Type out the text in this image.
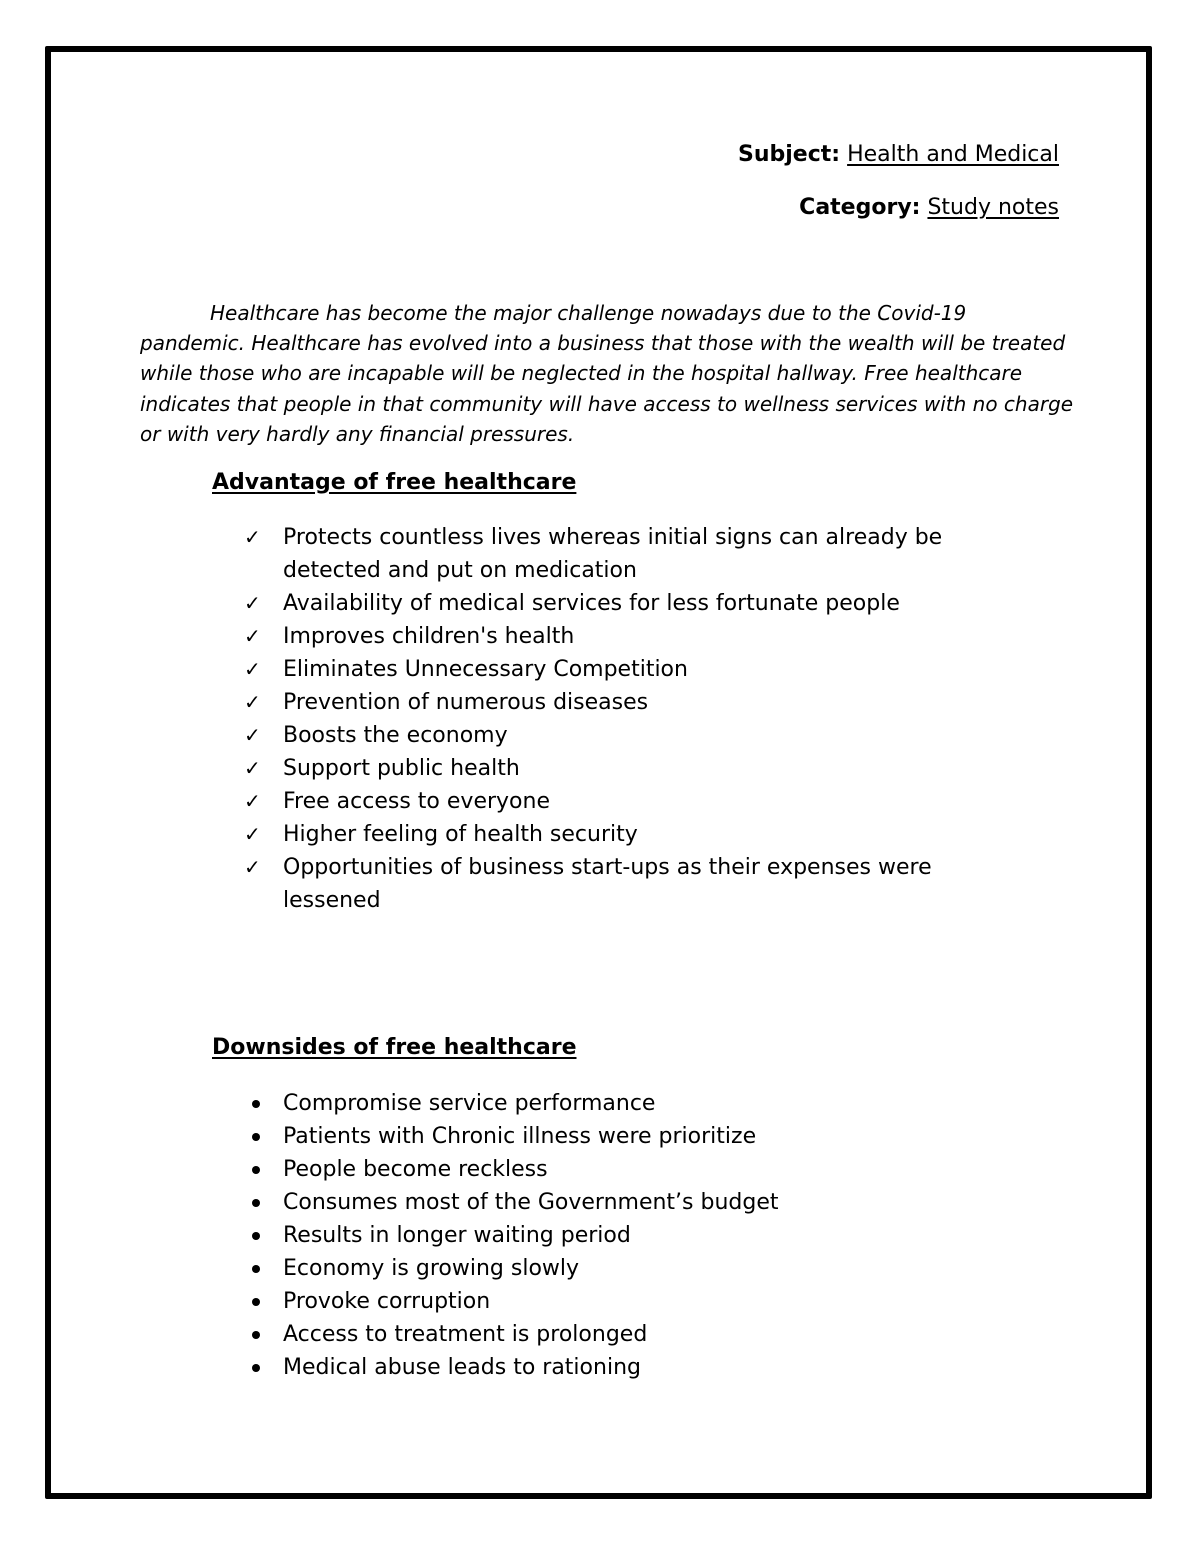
Subject: Health and Medical
Category: Study notes

Healthcare has become the major challenge nowadays due to the Covid-19 pandemic. Healthcare has evolved into a business that those with the wealth will be treated while those who are incapable will be neglected in the hospital hallway. Free healthcare indicates that people in that community will have access to wellness services with no charge or with very hardly any financial pressures.

Advantage of free healthcare
✓	Protects countless lives whereas initial signs can already be detected and put on medication
✓	Availability of medical services for less fortunate people
✓	Improves children's health
✓	Eliminates Unnecessary Competition
✓	Prevention of numerous diseases
✓	Boosts the economy
✓	Support public health
✓	Free access to everyone
✓	Higher feeling of health security
✓	Opportunities of business start-ups as their expenses were lessened
Downsides of free healthcare
Compromise service performance
Patients with Chronic illness were prioritize
People become reckless
Consumes most of the Government’s budget
Results in longer waiting period
Economy is growing slowly
Provoke corruption
Access to treatment is prolonged
Medical abuse leads to rationing
